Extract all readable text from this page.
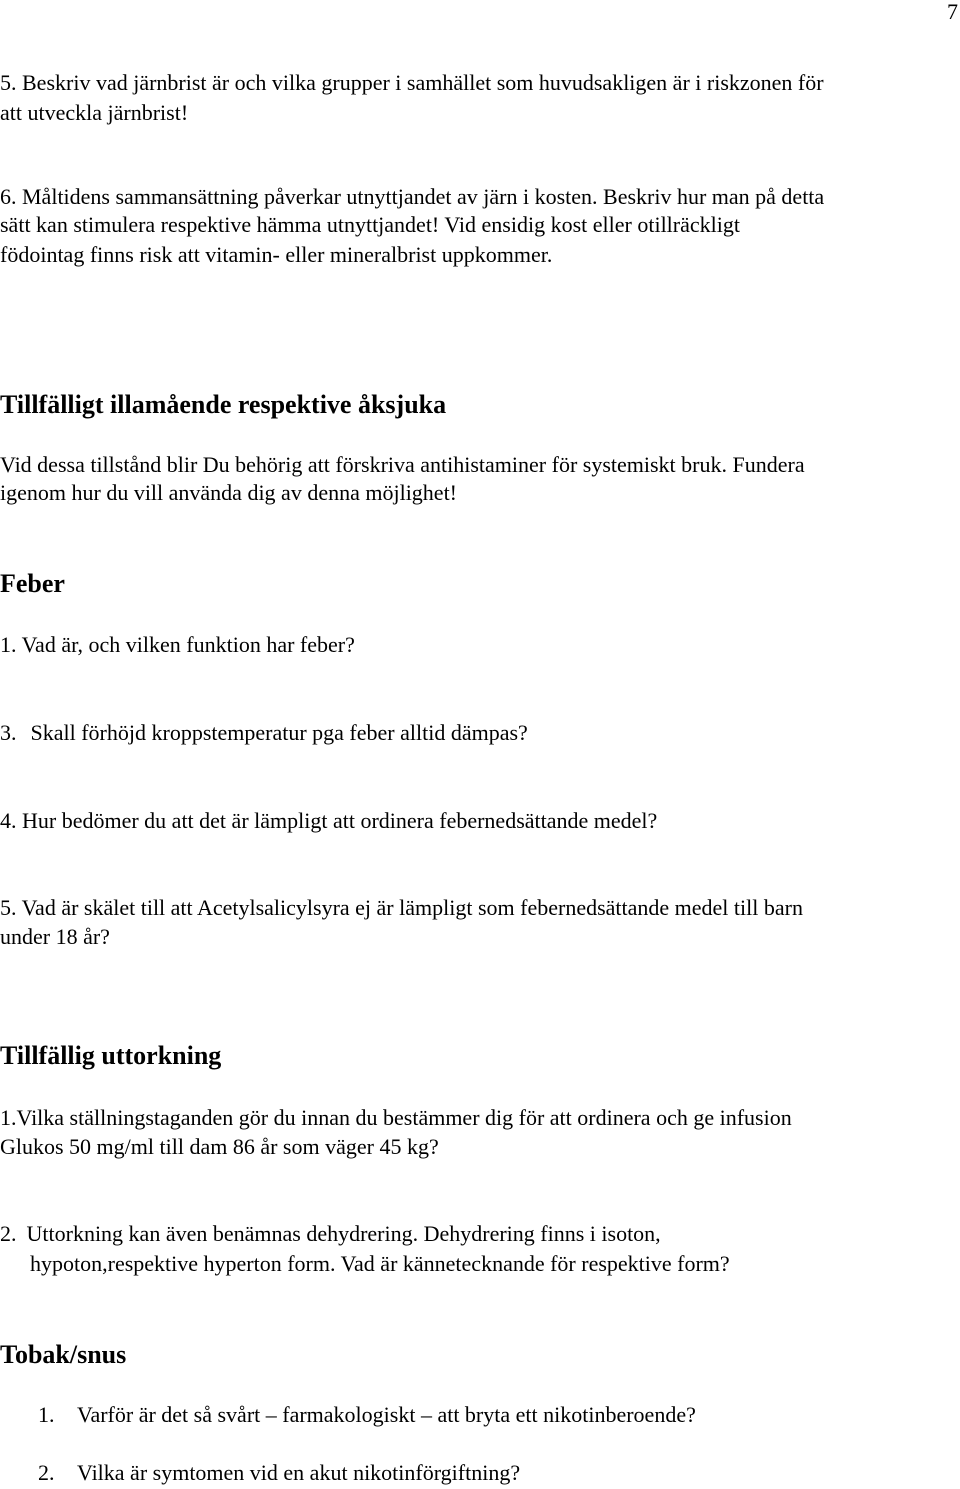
7
5. Beskriv vad järnbrist är och vilka grupper i samhället som huvudsakligen är i riskzonen för
att utveckla järnbrist!
6. Måltidens sammansättning påverkar utnyttjandet av järn i kosten. Beskriv hur man på detta
sätt kan stimulera respektive hämma utnyttjandet! Vid ensidig kost eller otillräckligt
födointag finns risk att vitamin- eller mineralbrist uppkommer.
Tillfälligt illamående respektive åksjuka
Vid dessa tillstånd blir Du behörig att förskriva antihistaminer för systemiskt bruk. Fundera
igenom hur du vill använda dig av denna möjlighet!
Feber
1. Vad är, och vilken funktion har feber?
3. Skall förhöjd kroppstemperatur pga feber alltid dämpas?
4. Hur bedömer du att det är lämpligt att ordinera febernedsättande medel?
5. Vad är skälet till att Acetylsalicylsyra ej är lämpligt som febernedsättande medel till barn
under 18 år?
Tillfällig uttorkning
1.Vilka ställningstaganden gör du innan du bestämmer dig för att ordinera och ge infusion
Glukos 50 mg/ml till dam 86 år som väger 45 kg?
2. Uttorkning kan även benämnas dehydrering. Dehydrering finns i isoton,
hypoton,respektive hyperton form. Vad är kännetecknande för respektive form?
Tobak/snus
1. Varför är det så svårt – farmakologiskt – att bryta ett nikotinberoende?
2. Vilka är symtomen vid en akut nikotinförgiftning?
